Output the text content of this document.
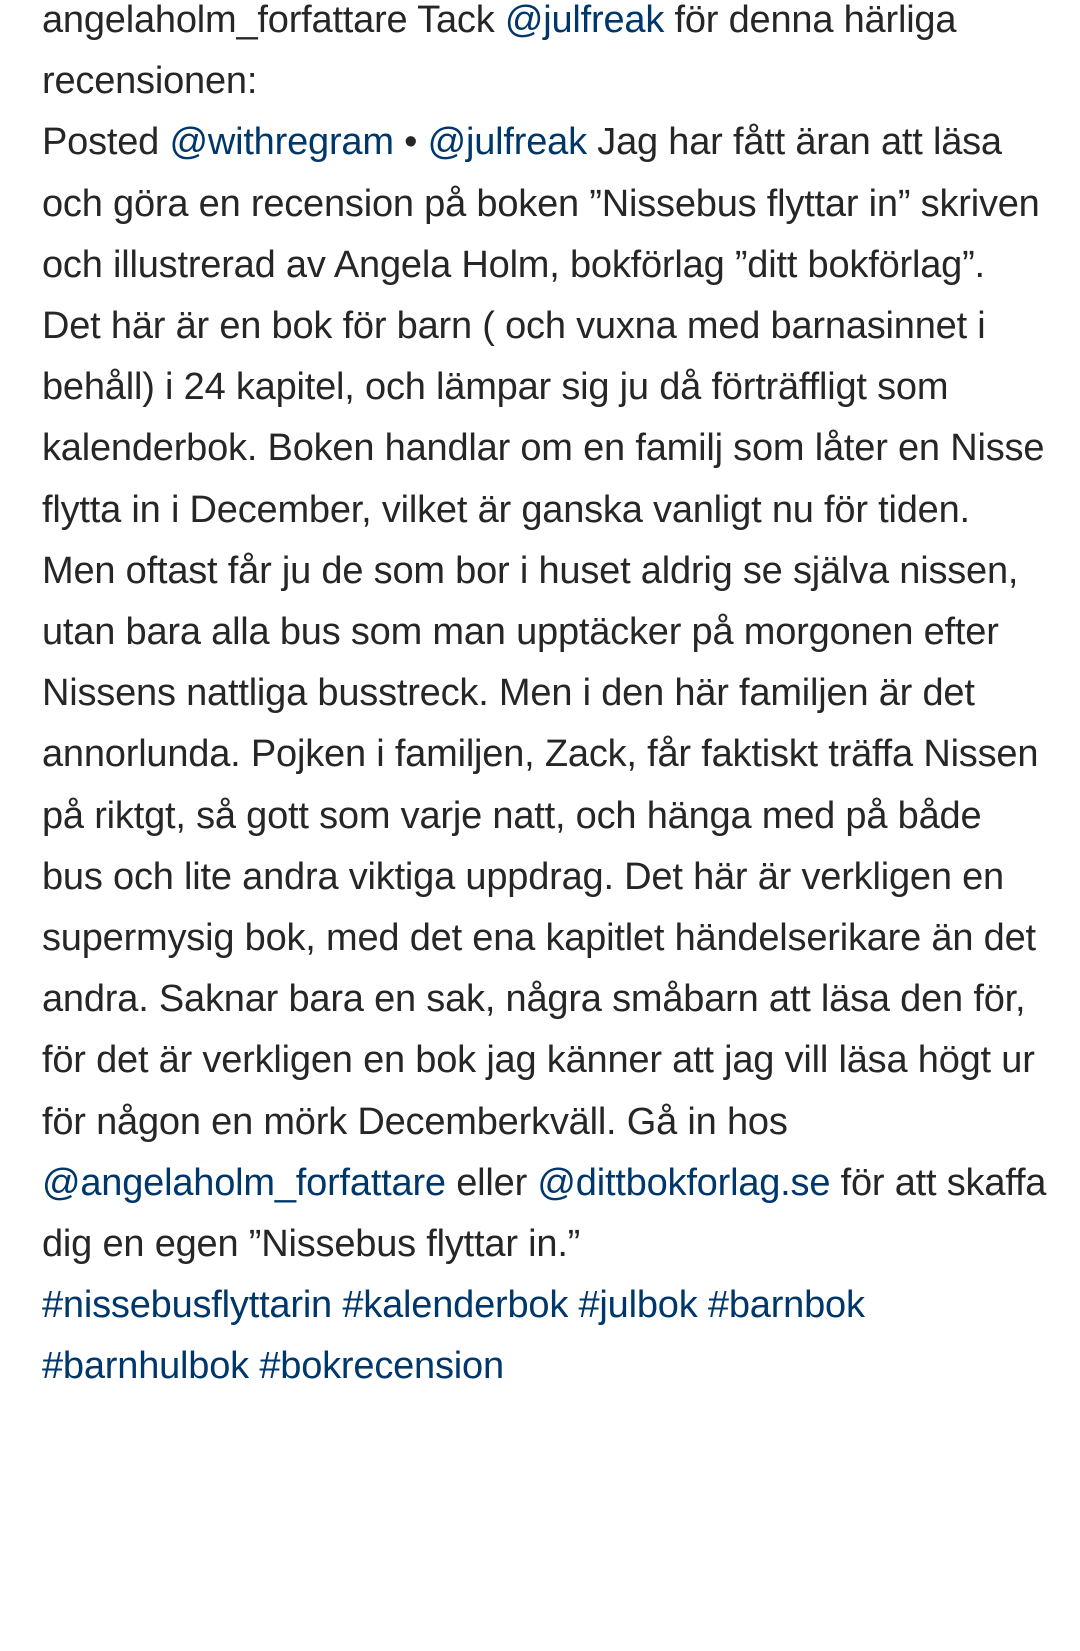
angelaholm_forfattare Tack @julfreak för denna härliga recensionen:

Posted @withregram • @julfreak Jag har fått äran att läsa och göra en recension på boken ”Nissebus flyttar in” skriven och illustrerad av Angela Holm, bokförlag ”ditt bokförlag”.

Det här är en bok för barn ( och vuxna med barnasinnet i behåll) i 24 kapitel, och lämpar sig ju då förträffligt som kalenderbok. Boken handlar om en familj som låter en Nisse flytta in i December, vilket är ganska vanligt nu för tiden. Men oftast får ju de som bor i huset aldrig se själva nissen, utan bara alla bus som man upptäcker på morgonen efter Nissens nattliga busstreck. Men i den här familjen är det annorlunda. Pojken i familjen, Zack, får faktiskt träffa Nissen på riktgt, så gott som varje natt, och hänga med på både bus och lite andra viktiga uppdrag. Det här är verkligen en supermysig bok, med det ena kapitlet händelserikare än det andra. Saknar bara en sak, några småbarn att läsa den för, för det är verkligen en bok jag känner att jag vill läsa högt ur för någon en mörk Decemberkväll. Gå in hos @angelaholm_forfattare eller @dittbokforlag.se för att skaffa dig en egen ”Nissebus flyttar in.”

#nissebusflyttarin #kalenderbok #julbok #barnbok #barnhulbok #bokrecension
